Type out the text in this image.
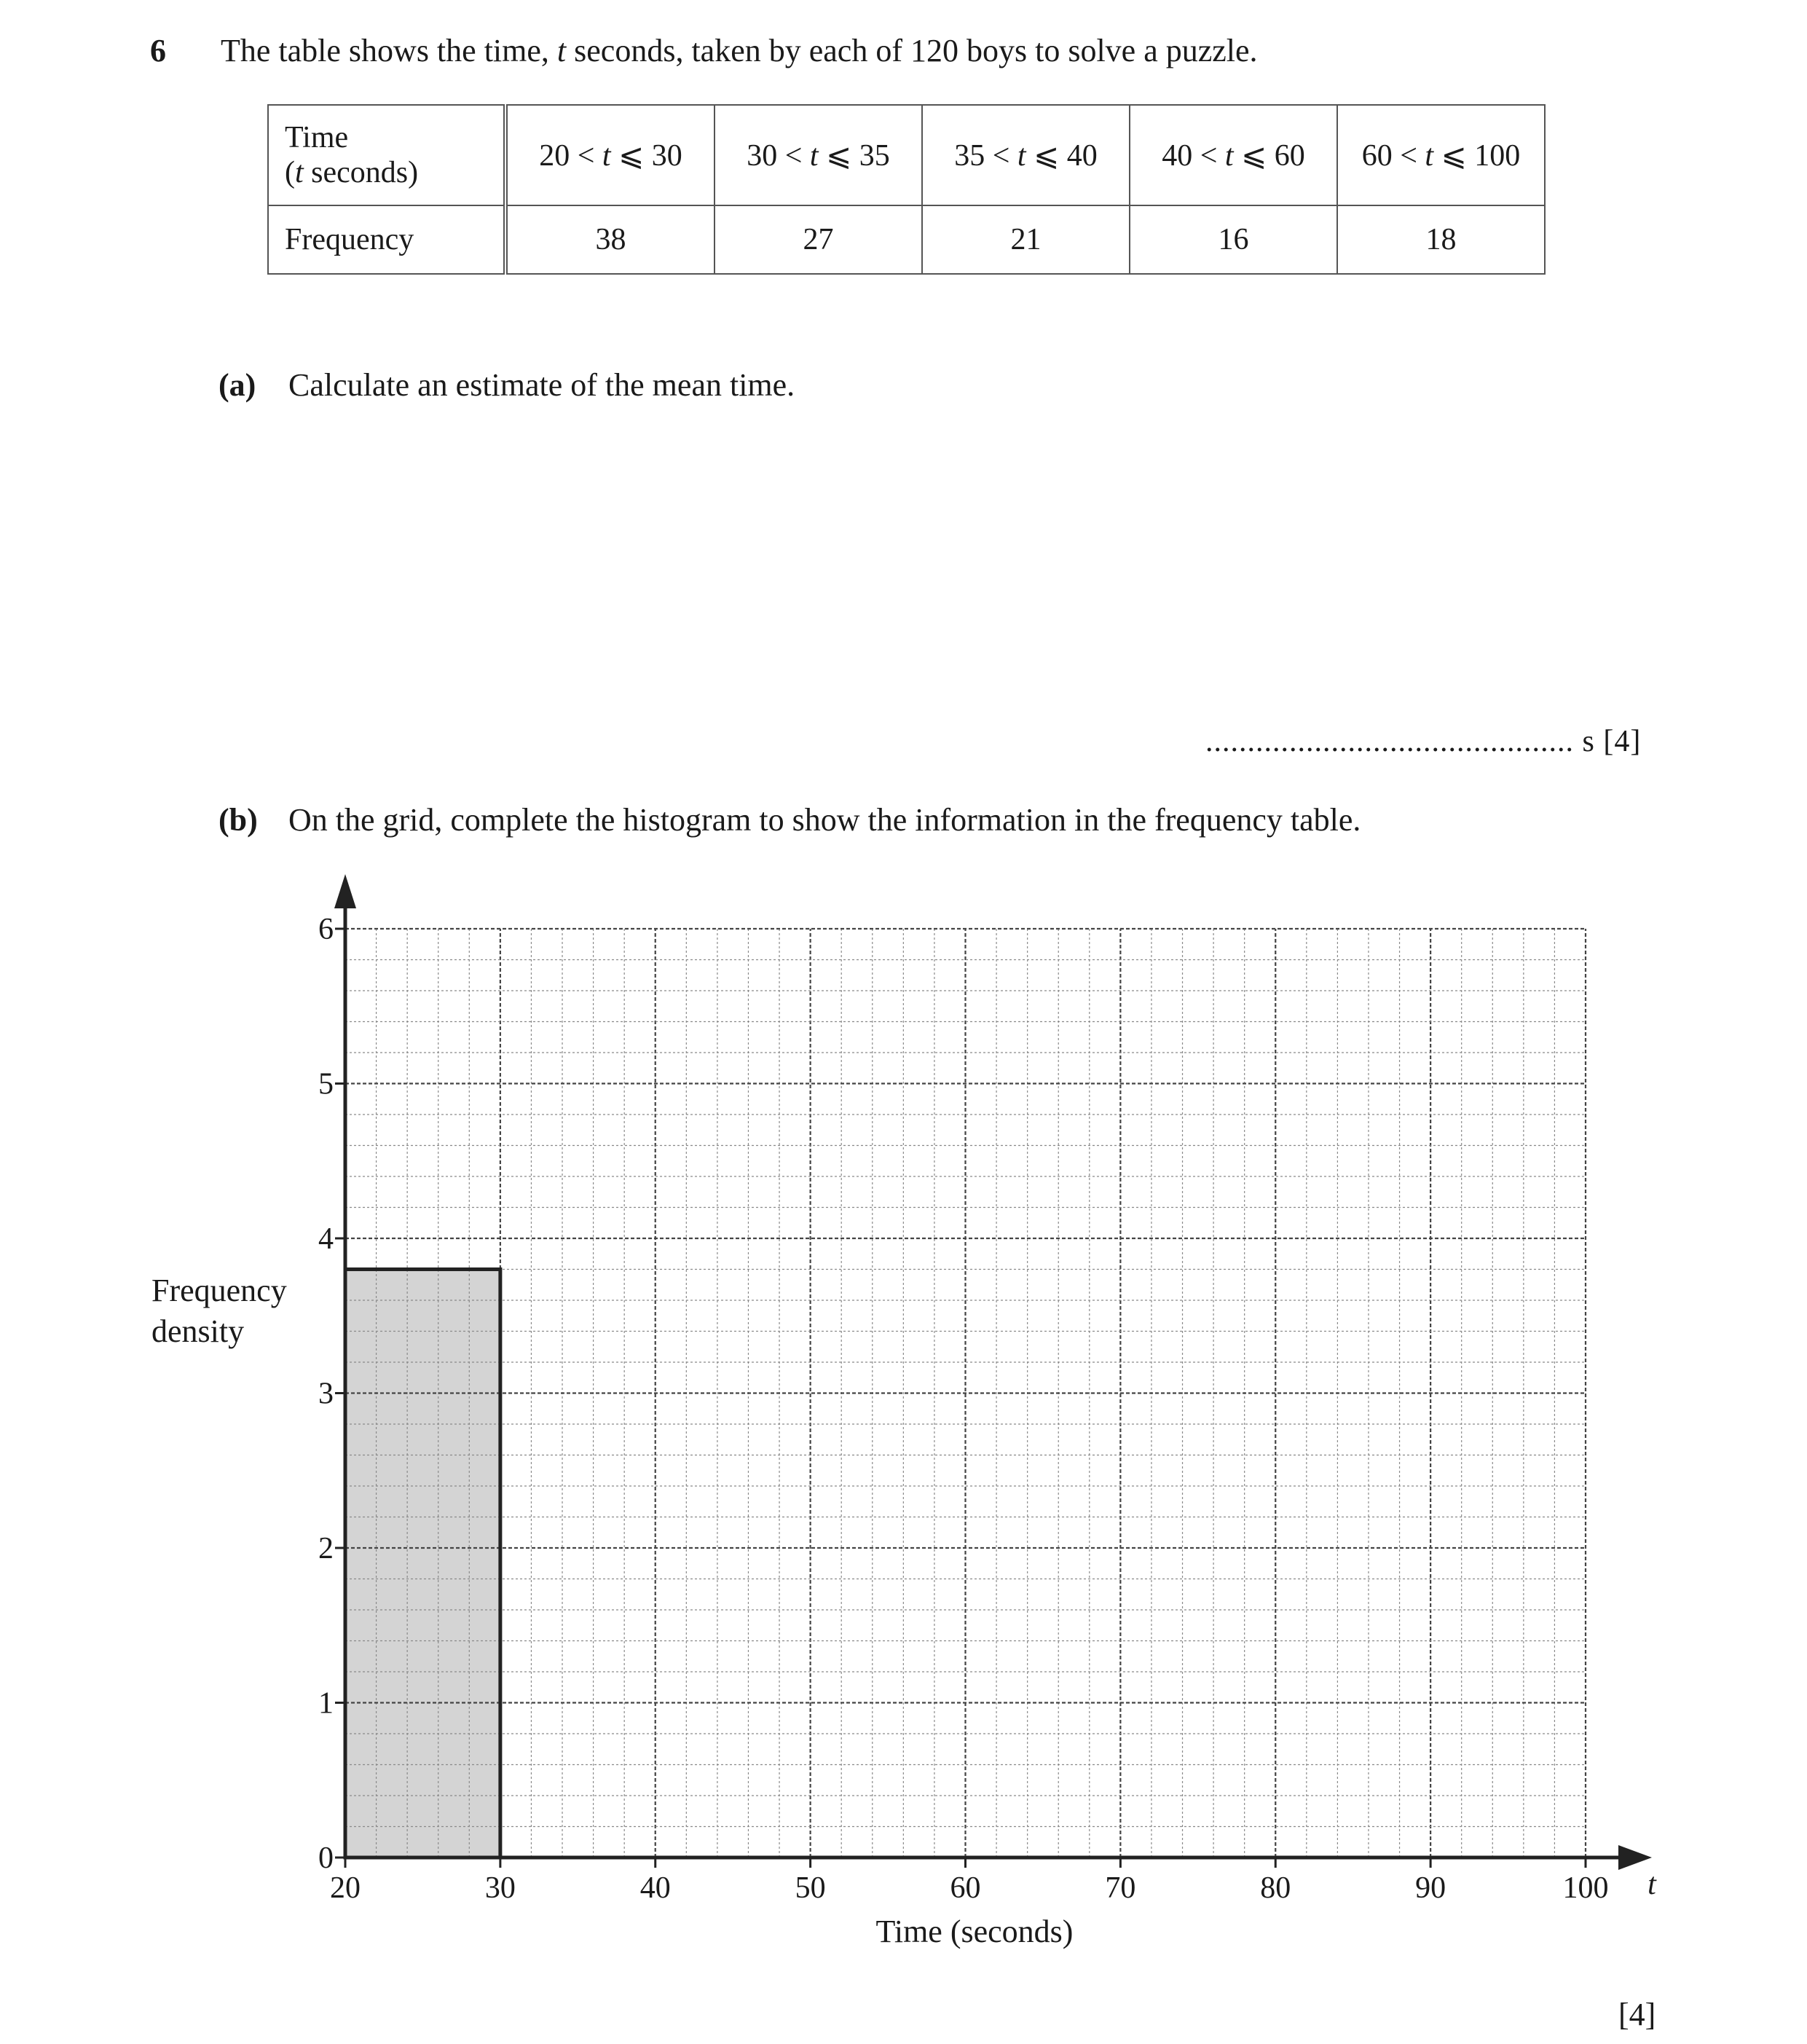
6 The table shows the time, t seconds, taken by each of 120 boys to solve a puzzle.
Time
(t seconds)	20 < t ⩽ 30	30 < t ⩽ 35	35 < t ⩽ 40	40 < t ⩽ 60	60 < t ⩽ 100
Frequency	38	27	21	16	18
(a) Calculate an estimate of the mean time.
............................................ s [4]
(b) On the grid, complete the histogram to show the information in the frequency table.
Frequency
density
20	30	40	50	60	70	80	90	100
0
1
2
3
4
5
6
Time (seconds)
t
[4]
